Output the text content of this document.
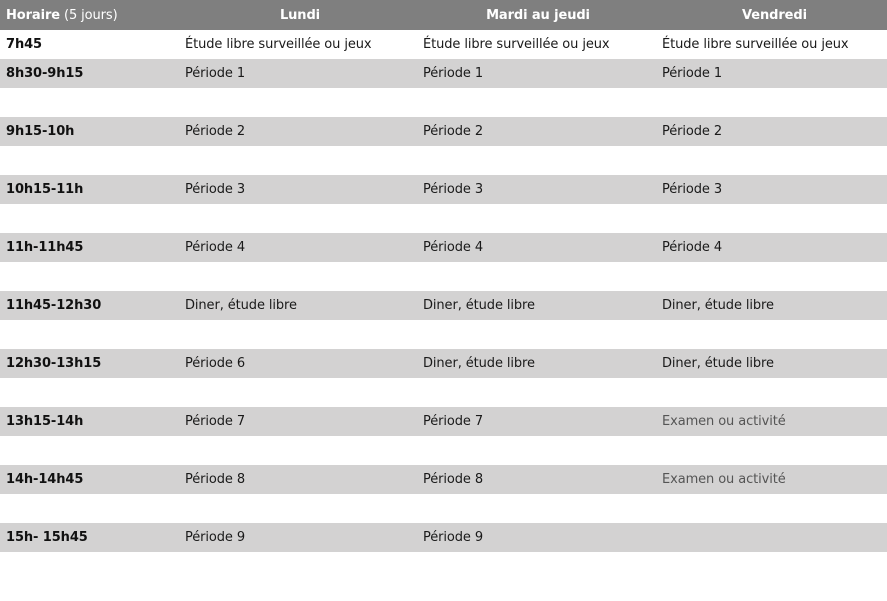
Horaire (5 jours)	Lundi	Mardi au jeudi	Vendredi
7h45	Étude libre surveillée ou jeux	Étude libre surveillée ou jeux	Étude libre surveillée ou jeux
8h30-9h15	Période 1	Période 1	Période 1
9h15-10h	Période 2	Période 2	Période 2
10h15-11h	Période 3	Période 3	Période 3
11h-11h45	Période 4	Période 4	Période 4
11h45-12h30	Diner, étude libre	Diner, étude libre	Diner, étude libre
12h30-13h15	Période 6	Diner, étude libre	Diner, étude libre
13h15-14h	Période 7	Période 7	Examen ou activité
14h-14h45	Période 8	Période 8	Examen ou activité
15h- 15h45	Période 9	Période 9
